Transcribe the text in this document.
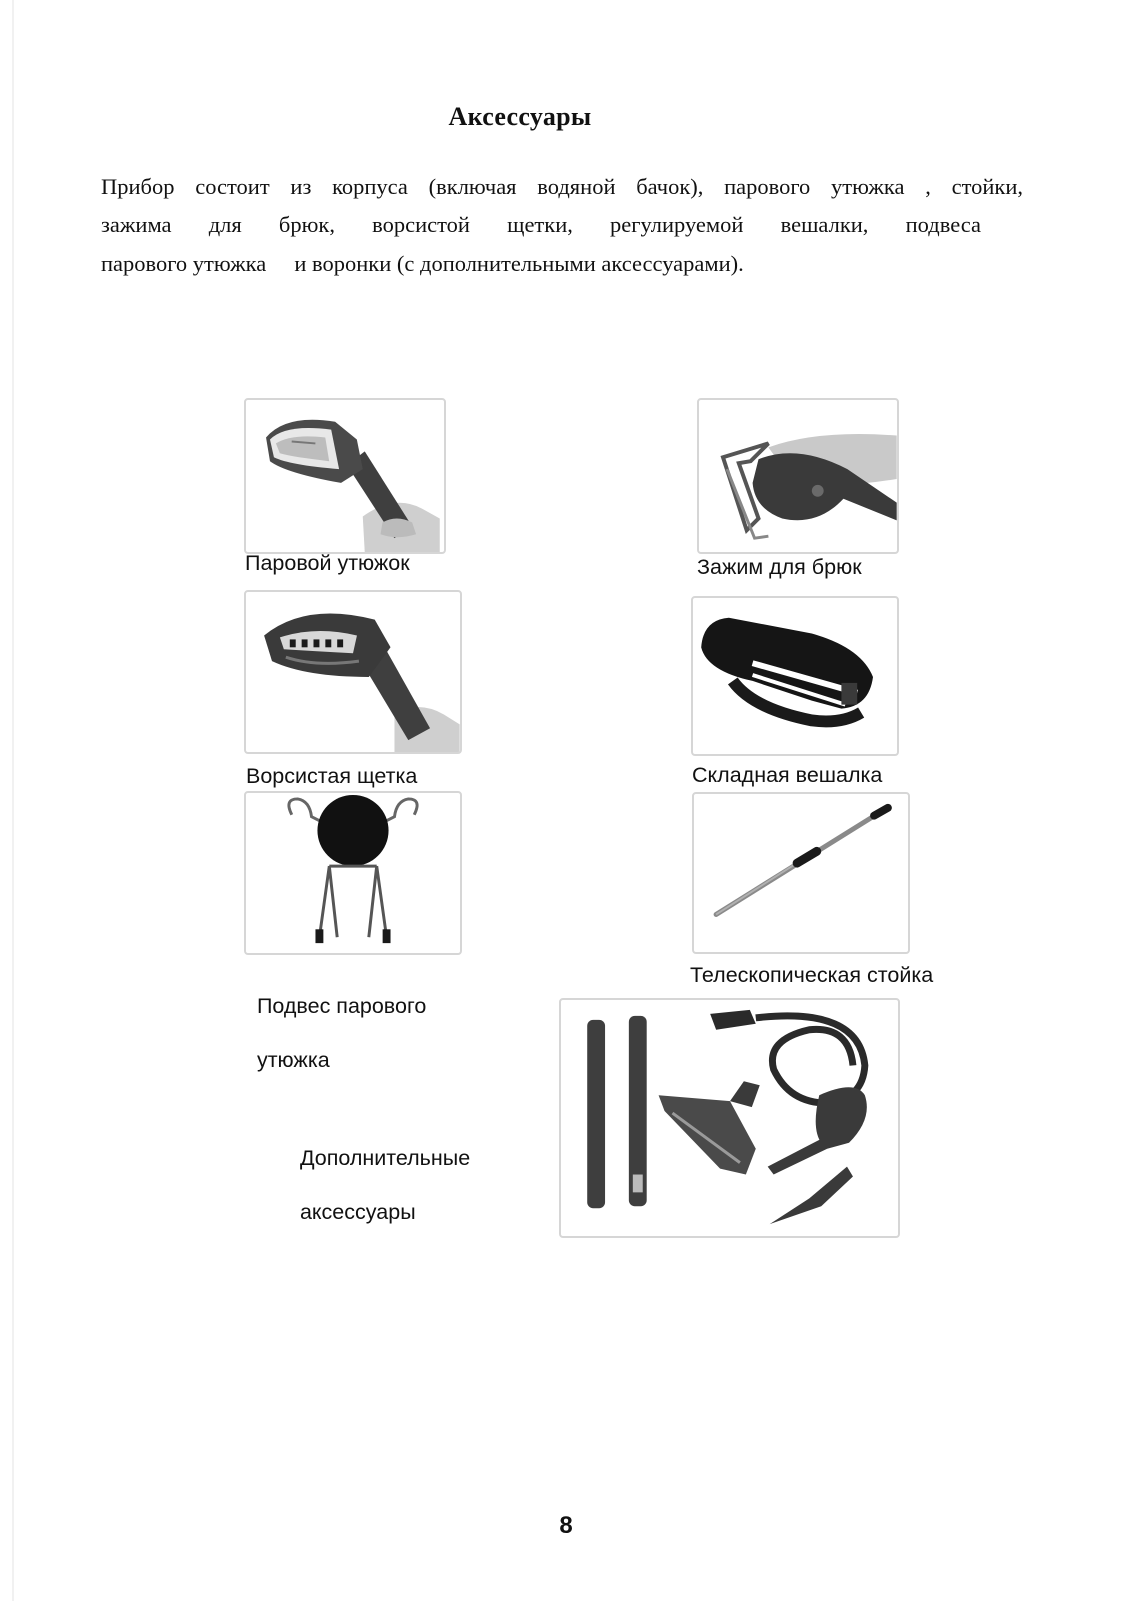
Аксессуары
Прибор состоит из корпуса (включая водяной бачок), парового утюжка , стойки,
зажима для брюк, ворсистой щетки, регулируемой вешалки, подвеса
парового утюжка     и воронки (с дополнительными аксессуарами).
Паровой утюжок	Зажим для брюк
Ворсистая щетка	Складная вешалка

Подвес парового

утюжка

Телескопическая стойка

Дополнительные

аксессуары

8
